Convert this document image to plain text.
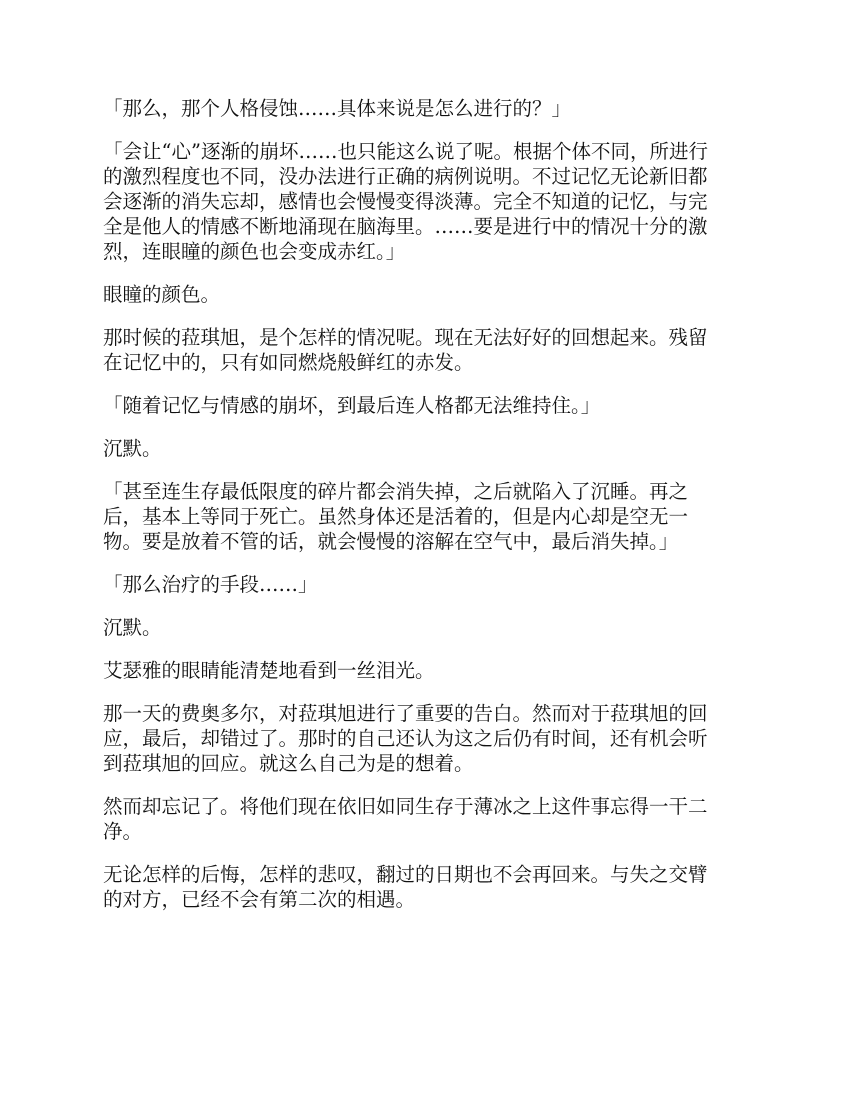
「那么，那个人格侵蚀……具体来说是怎么进行的？」

「会让“心”逐渐的崩坏……也只能这么说了呢。根据个体不同，所进行
的激烈程度也不同，没办法进行正确的病例说明。不过记忆无论新旧都
会逐渐的消失忘却，感情也会慢慢变得淡薄。完全不知道的记忆，与完
全是他人的情感不断地涌现在脑海里。……要是进行中的情况十分的激
烈，连眼瞳的颜色也会变成赤红。」

眼瞳的颜色。

那时候的菈琪旭，是个怎样的情况呢。现在无法好好的回想起来。残留
在记忆中的，只有如同燃烧般鲜红的赤发。

「随着记忆与情感的崩坏，到最后连人格都无法维持住。」

沉默。

「甚至连生存最低限度的碎片都会消失掉，之后就陷入了沉睡。再之
后，基本上等同于死亡。虽然身体还是活着的，但是内心却是空无一
物。要是放着不管的话，就会慢慢的溶解在空气中，最后消失掉。」

「那么治疗的手段……」

沉默。

艾瑟雅的眼睛能清楚地看到一丝泪光。

那一天的费奥多尔，对菈琪旭进行了重要的告白。然而对于菈琪旭的回
应，最后，却错过了。那时的自己还认为这之后仍有时间，还有机会听
到菈琪旭的回应。就这么自己为是的想着。

然而却忘记了。将他们现在依旧如同生存于薄冰之上这件事忘得一干二
净。

无论怎样的后悔，怎样的悲叹，翻过的日期也不会再回来。与失之交臂
的对方，已经不会有第二次的相遇。
